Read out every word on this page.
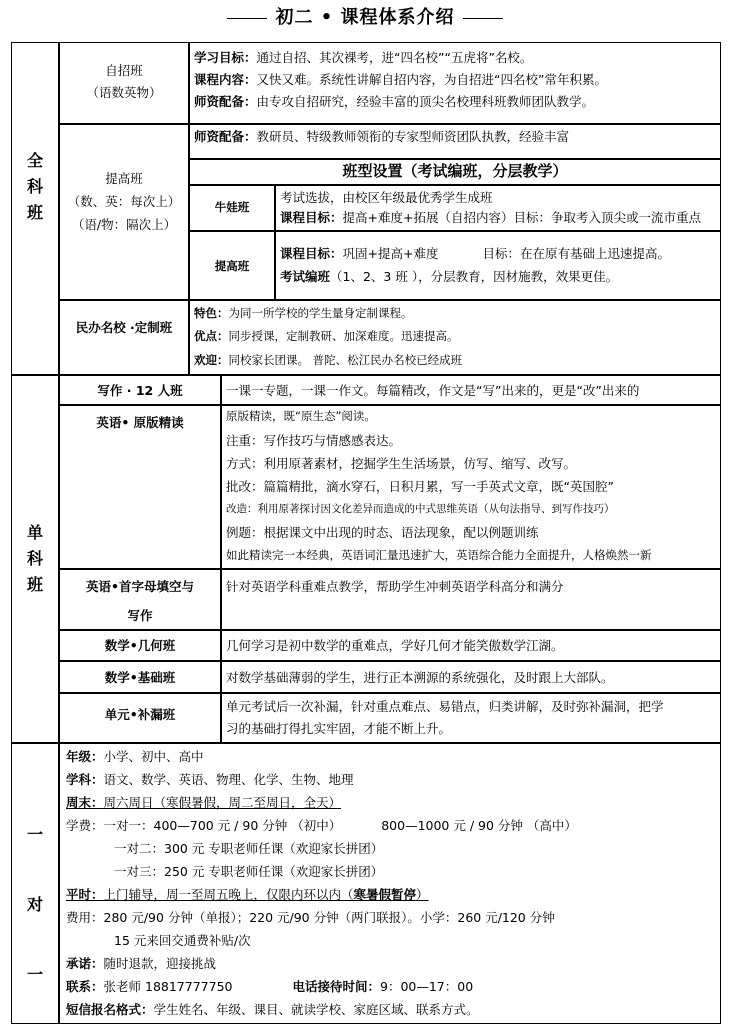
初二 • 课程体系介绍
全
科
班
自招班
（语数英物）
学习目标：通过自招、其次裸考，进“四名校”“五虎将”名校。
课程内容：又快又难。系统性讲解自招内容，为自招进“四名校”常年积累。
师资配备：由专攻自招研究，经验丰富的顶尖名校理科班教师团队教学。
提高班
（数、英：每次上）
（语/物：隔次上）
师资配备：教研员、特级教师领衔的专家型师资团队执教，经验丰富
班型设置（考试编班，分层教学）
牛娃班
考试选拔，由校区年级最优秀学生成班
课程目标：提高+难度+拓展（自招内容）目标：争取考入顶尖或一流市重点
提高班
课程目标：巩固+提高+难度	目标：在在原有基础上迅速提高。
考试编班（1、2、3 班 ），分层教育，因材施教，效果更佳。
民办名校 ·定制班
特色：为同一所学校的学生量身定制课程。
优点：同步授课，定制教研、加深难度。迅速提高。
欢迎：同校家长团课。 普陀、松江民办名校已经成班
单
科
班
写作 · 12 人班	一课一专题，一课一作文。每篇精改，作文是“写”出来的，更是“改”出来的
英语• 原版精读	原版精读，既“原生态”阅读。
注重：写作技巧与情感感表达。
方式：利用原著素材，挖掘学生生活场景，仿写、缩写、改写。
批改：篇篇精批，滴水穿石，日积月累，写一手英式文章，既“英国腔”
改造：利用原著探讨因文化差异而造成的中式思维英语（从句法指导、到写作技巧）
例题：根据课文中出现的时态、语法现象，配以例题训练
如此精读完一本经典，英语词汇量迅速扩大，英语综合能力全面提升，人格焕然一新
英语•首字母填空与
写作
针对英语学科重难点教学，帮助学生冲刺英语学科高分和满分
数学•几何班	几何学习是初中数学的重难点，学好几何才能笑傲数学江湖。
数学•基础班	对数学基础薄弱的学生，进行正本溯源的系统强化，及时跟上大部队。
单元•补漏班
单元考试后一次补漏，针对重点难点、易错点，归类讲解，及时弥补漏洞，把学
习的基础打得扎实牢固，才能不断上升。
一
对
一
年级：小学、初中、高中
学科：语文、数学、英语、物理、化学、生物、地理
周末：周六周日（寒假暑假，周二至周日，全天）
学费：一对一：400—700 元 / 90 分钟 （初中）	800—1000 元 / 90 分钟 （高中）
一对二：300 元 专职老师任课（欢迎家长拼团）
一对三：250 元 专职老师任课（欢迎家长拼团）
平时：上门辅导，周一至周五晚上，仅限内环以内（寒暑假暂停）
费用：280 元/90 分钟（单报）；220 元/90 分钟（两门联报）。小学：260 元/120 分钟
15 元来回交通费补贴/次
承诺：随时退款，迎接挑战
联系：张老师 18817777750	电话接待时间：9：00—17：00
短信报名格式：学生姓名、年级、课目、就读学校、家庭区域、联系方式。
